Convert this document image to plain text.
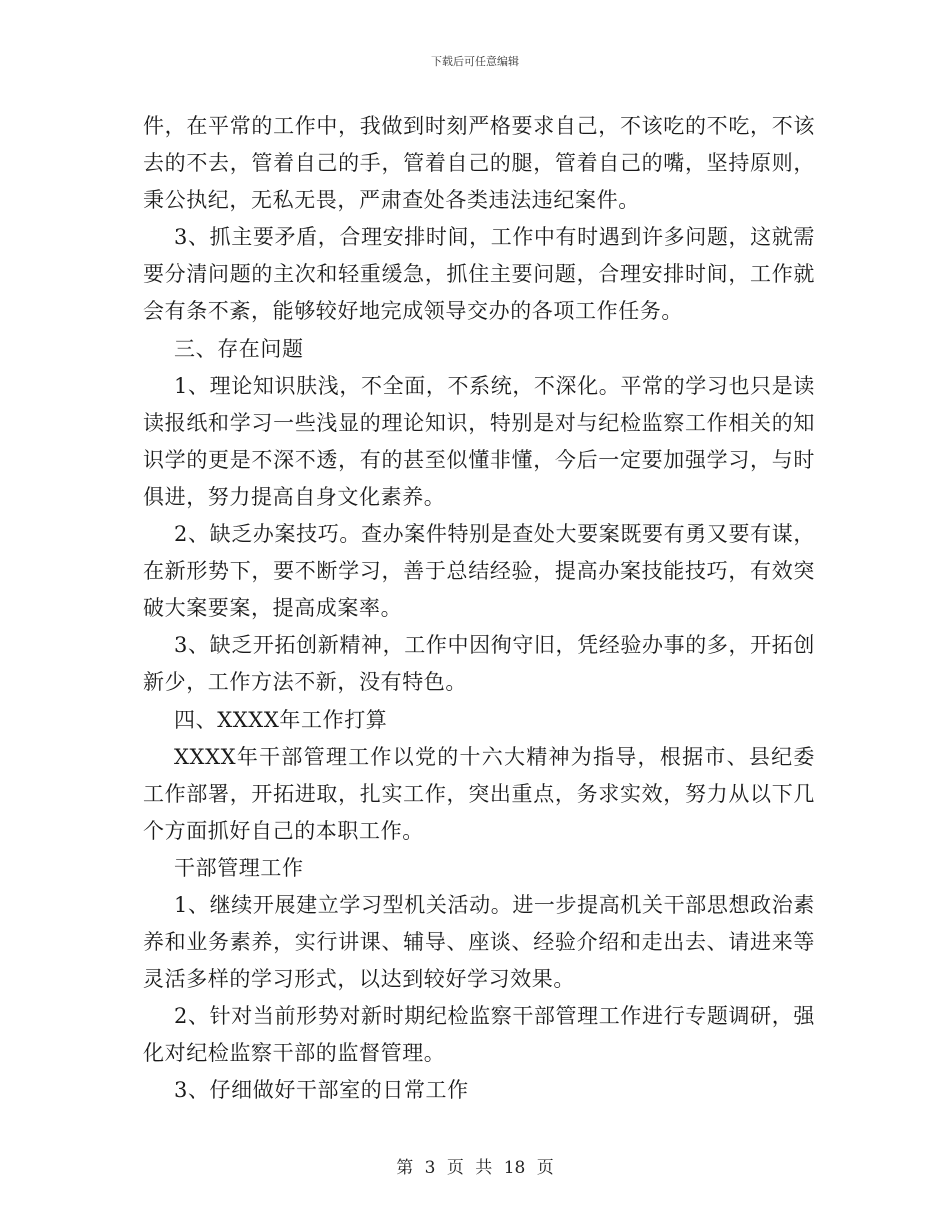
下载后可任意编辑

件，在平常的工作中，我做到时刻严格要求自己，不该吃的不吃，不该去的不去，管着自己的手，管着自己的腿，管着自己的嘴，坚持原则，秉公执纪，无私无畏，严肃查处各类违法违纪案件。

3、抓主要矛盾，合理安排时间，工作中有时遇到许多问题，这就需要分清问题的主次和轻重缓急，抓住主要问题，合理安排时间，工作就会有条不紊，能够较好地完成领导交办的各项工作任务。

三、存在问题

1、理论知识肤浅，不全面，不系统，不深化。平常的学习也只是读读报纸和学习一些浅显的理论知识，特别是对与纪检监察工作相关的知识学的更是不深不透，有的甚至似懂非懂，今后一定要加强学习，与时俱进，努力提高自身文化素养。

2、缺乏办案技巧。查办案件特别是查处大要案既要有勇又要有谋，在新形势下，要不断学习，善于总结经验，提高办案技能技巧，有效突破大案要案，提高成案率。

3、缺乏开拓创新精神，工作中因徇守旧，凭经验办事的多，开拓创新少，工作方法不新，没有特色。

四、XXXX年工作打算

XXXX年干部管理工作以党的十六大精神为指导，根据市、县纪委工作部署，开拓进取，扎实工作，突出重点，务求实效，努力从以下几个方面抓好自己的本职工作。

干部管理工作

1、继续开展建立学习型机关活动。进一步提高机关干部思想政治素养和业务素养，实行讲课、辅导、座谈、经验介绍和走出去、请进来等灵活多样的学习形式，以达到较好学习效果。

2、针对当前形势对新时期纪检监察干部管理工作进行专题调研，强化对纪检监察干部的监督管理。

3、仔细做好干部室的日常工作

第 3 页 共 18 页
